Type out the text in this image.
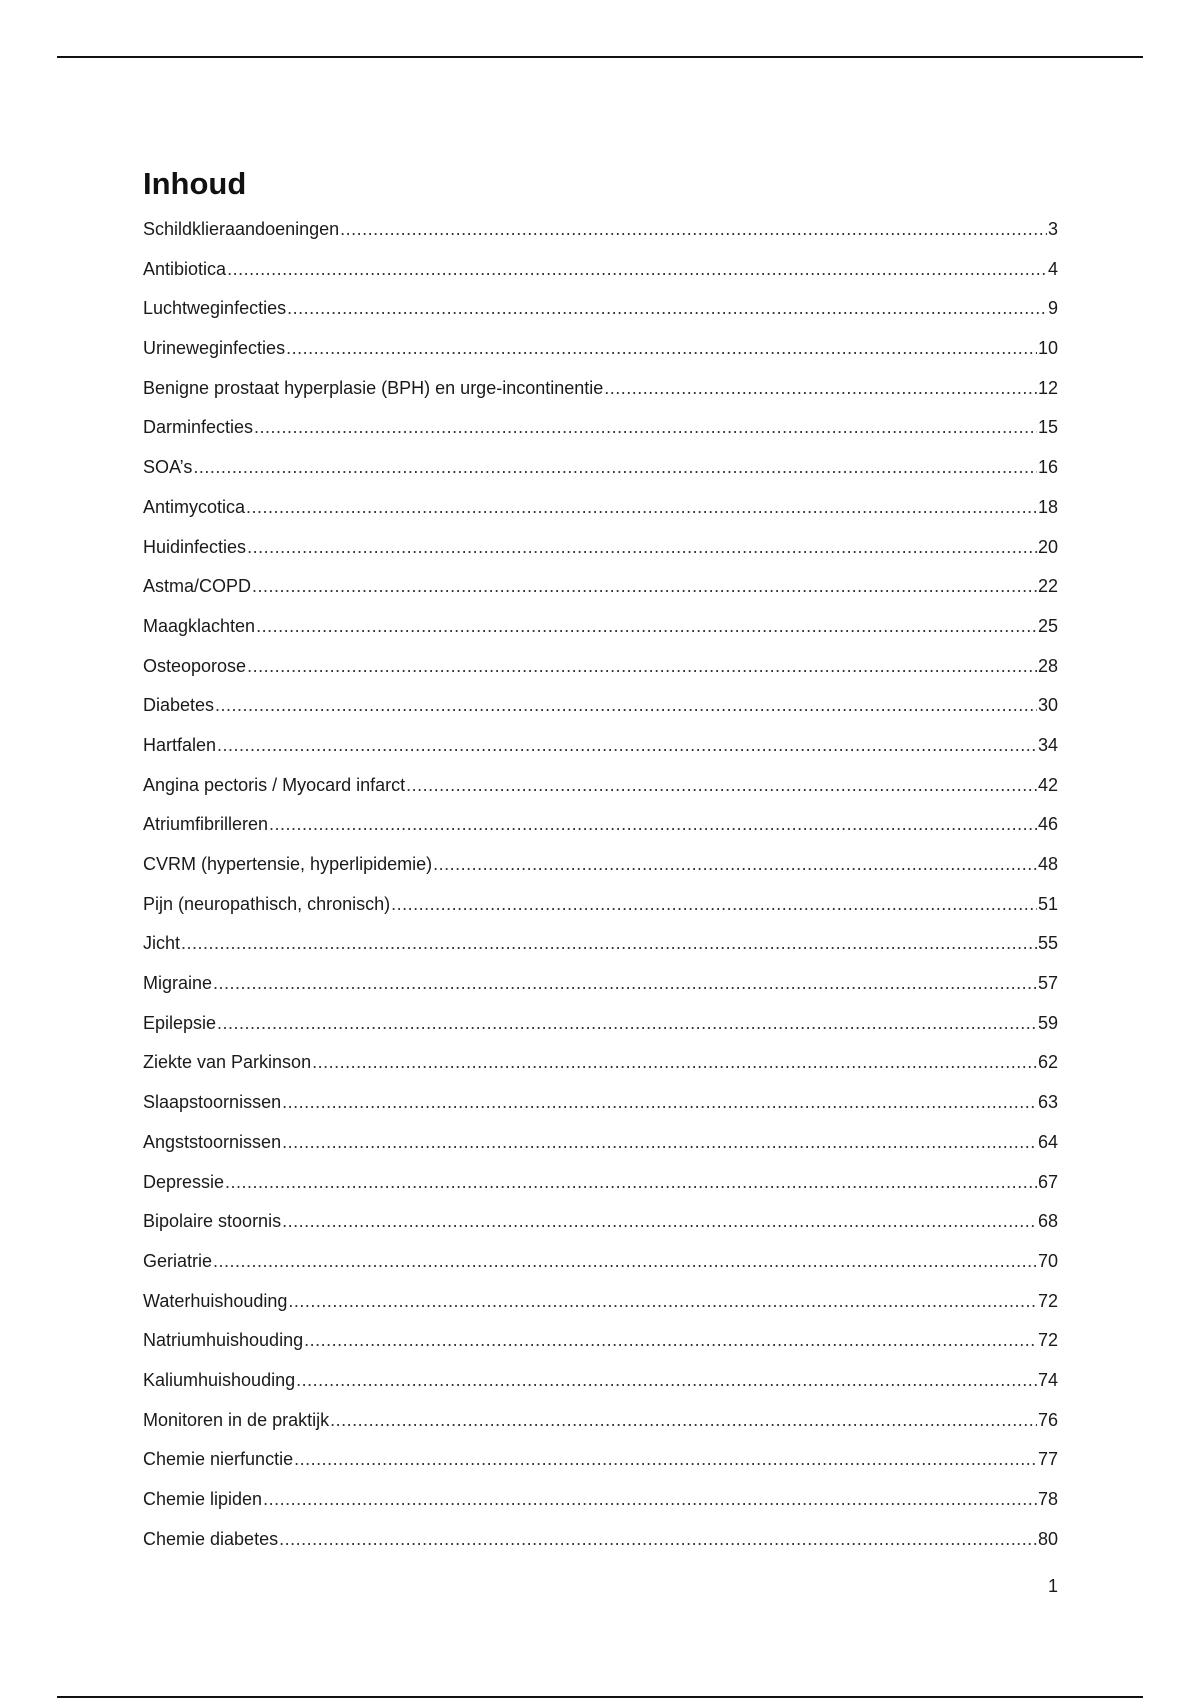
Inhoud
Schildklieraandoeningen .....	3
Antibiotica .....	4
Luchtweginfecties .....	9
Urineweginfecties .....	10
Benigne prostaat hyperplasie (BPH) en urge-incontinentie .....	12
Darminfecties .....	15
SOA’s .....	16
Antimycotica .....	18
Huidinfecties .....	20
Astma/COPD .....	22
Maagklachten .....	25
Osteoporose .....	28
Diabetes .....	30
Hartfalen .....	34
Angina pectoris / Myocard infarct .....	42
Atriumfibrilleren .....	46
CVRM (hypertensie, hyperlipidemie) .....	48
Pijn (neuropathisch, chronisch) .....	51
Jicht .....	55
Migraine .....	57
Epilepsie .....	59
Ziekte van Parkinson .....	62
Slaapstoornissen .....	63
Angststoornissen .....	64
Depressie .....	67
Bipolaire stoornis .....	68
Geriatrie .....	70
Waterhuishouding .....	72
Natriumhuishouding .....	72
Kaliumhuishouding .....	74
Monitoren in de praktijk .....	76
Chemie nierfunctie .....	77
Chemie lipiden .....	78
Chemie diabetes .....	80
1
